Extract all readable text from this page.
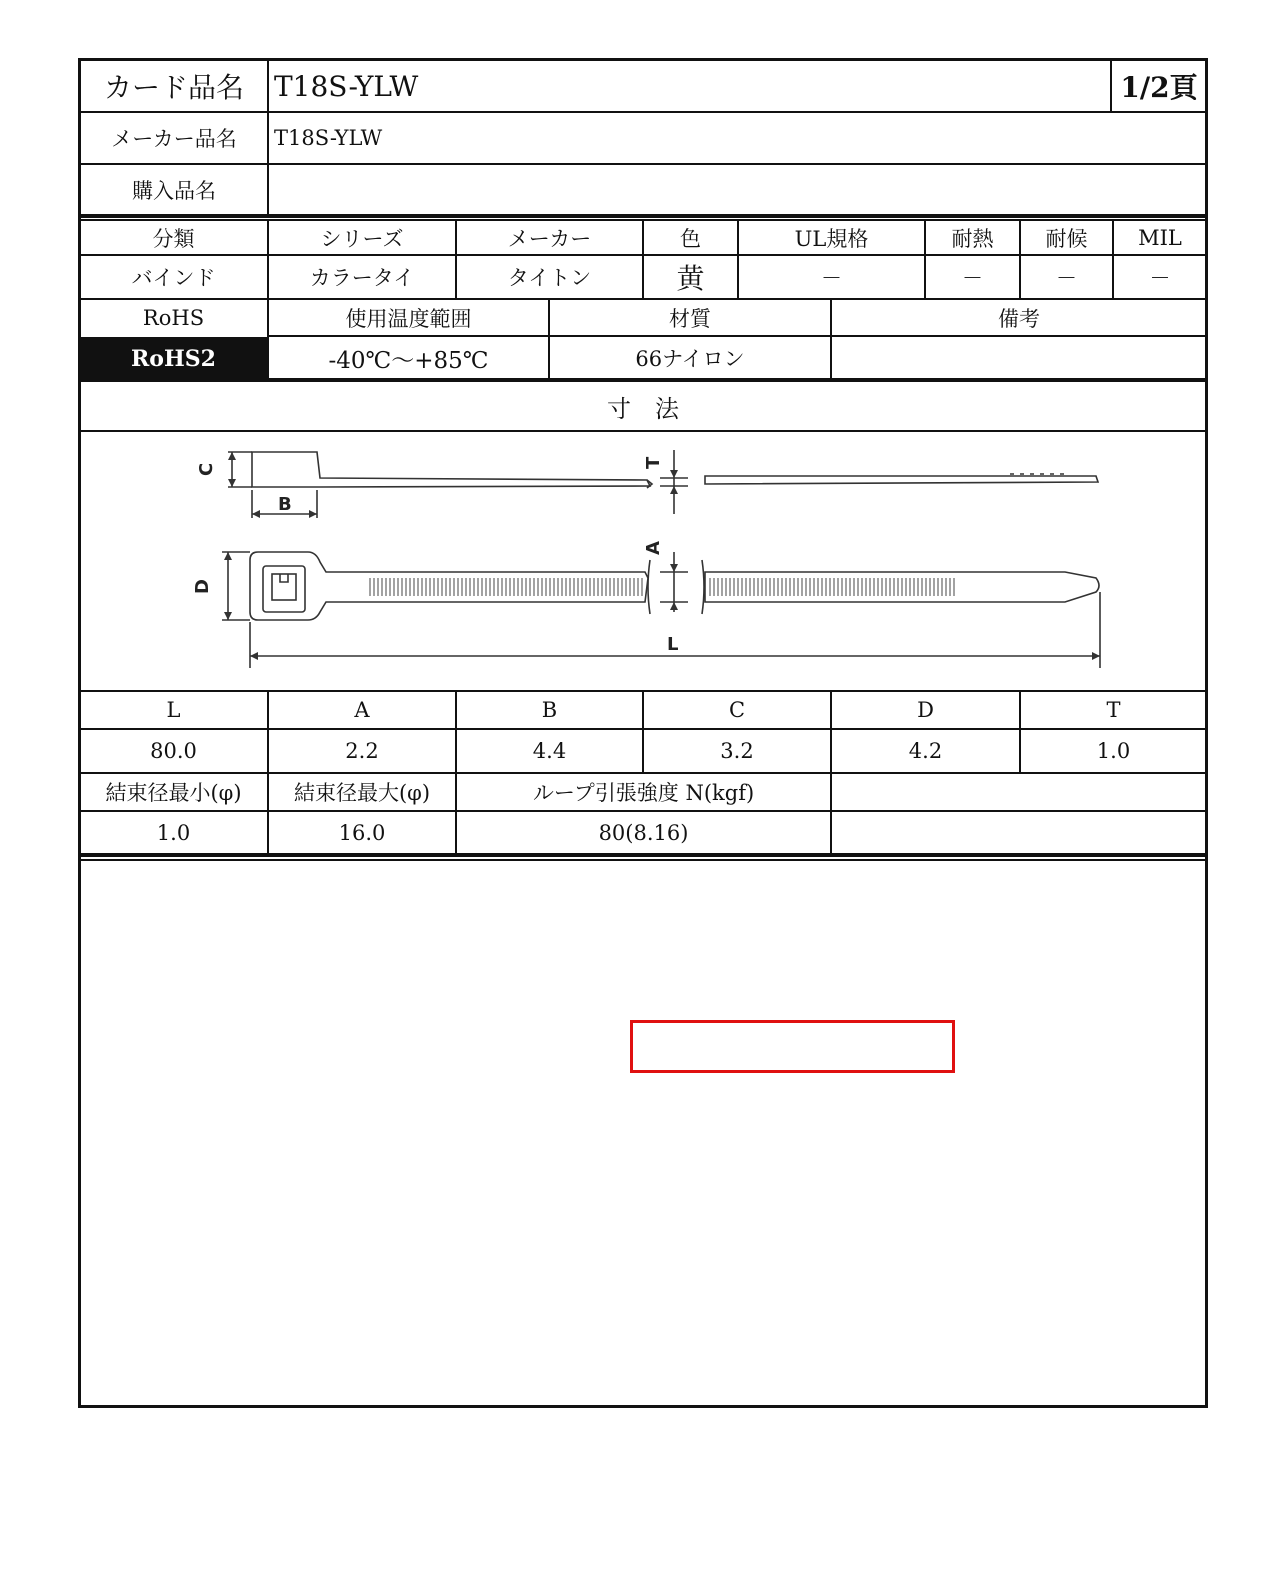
カード品名	T18S-YLW	1/2頁
メーカー品名	T18S-YLW
購入品名
分類	シリーズ	メーカー	色	UL規格	耐熱	耐候	MIL
バインド	カラータイ	タイトン	黄	－	－	－	－
RoHS	使用温度範囲	材質	備考
RoHS2	-40℃～+85℃	66ナイロン
寸　法
C
B
T
A
D
L
L	A	B	C	D	T
80.0	2.2	4.4	3.2	4.2	1.0
結束径最小(φ)	結束径最大(φ)	ループ引張強度 N(kgf)
1.0	16.0	80(8.16)
